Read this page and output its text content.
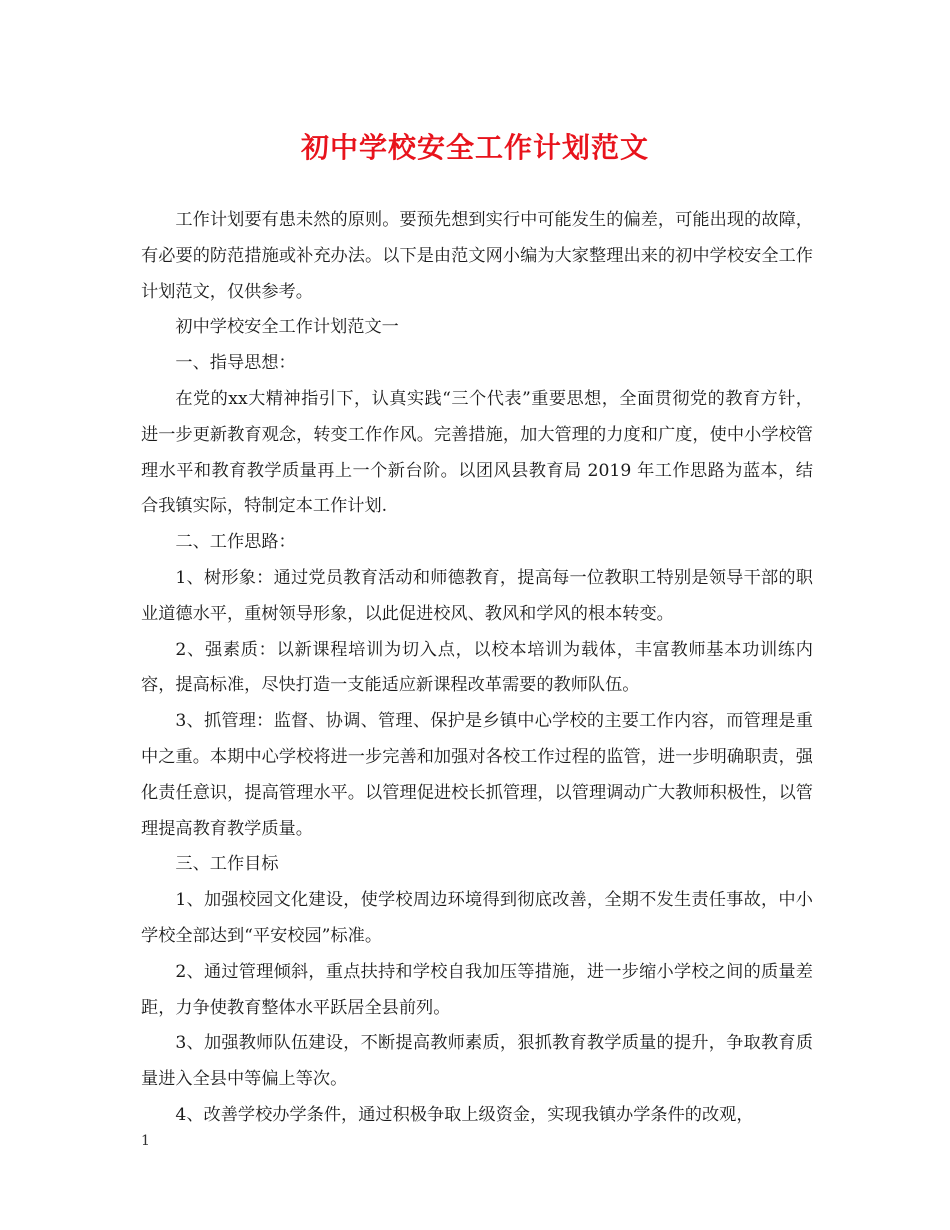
初中学校安全工作计划范文

工作计划要有患未然的原则。要预先想到实行中可能发生的偏差，可能出现的故障，有必要的防范措施或补充办法。以下是由范文网小编为大家整理出来的初中学校安全工作计划范文，仅供参考。

初中学校安全工作计划范文一

一、指导思想：

在党的xx大精神指引下，认真实践“三个代表”重要思想，全面贯彻党的教育方针，进一步更新教育观念，转变工作作风。完善措施，加大管理的力度和广度，使中小学校管理水平和教育教学质量再上一个新台阶。以团风县教育局 2019 年工作思路为蓝本，结合我镇实际，特制定本工作计划.

二、工作思路：

1、树形象：通过党员教育活动和师德教育，提高每一位教职工特别是领导干部的职业道德水平，重树领导形象，以此促进校风、教风和学风的根本转变。

2、强素质：以新课程培训为切入点，以校本培训为载体，丰富教师基本功训练内容，提高标准，尽快打造一支能适应新课程改革需要的教师队伍。

3、抓管理：监督、协调、管理、保护是乡镇中心学校的主要工作内容，而管理是重中之重。本期中心学校将进一步完善和加强对各校工作过程的监管，进一步明确职责，强化责任意识，提高管理水平。以管理促进校长抓管理，以管理调动广大教师积极性，以管理提高教育教学质量。

三、工作目标

1、加强校园文化建设，使学校周边环境得到彻底改善，全期不发生责任事故，中小学校全部达到“平安校园”标准。

2、通过管理倾斜，重点扶持和学校自我加压等措施，进一步缩小学校之间的质量差距，力争使教育整体水平跃居全县前列。

3、加强教师队伍建设，不断提高教师素质，狠抓教育教学质量的提升，争取教育质量进入全县中等偏上等次。

4、改善学校办学条件，通过积极争取上级资金，实现我镇办学条件的改观，

1
